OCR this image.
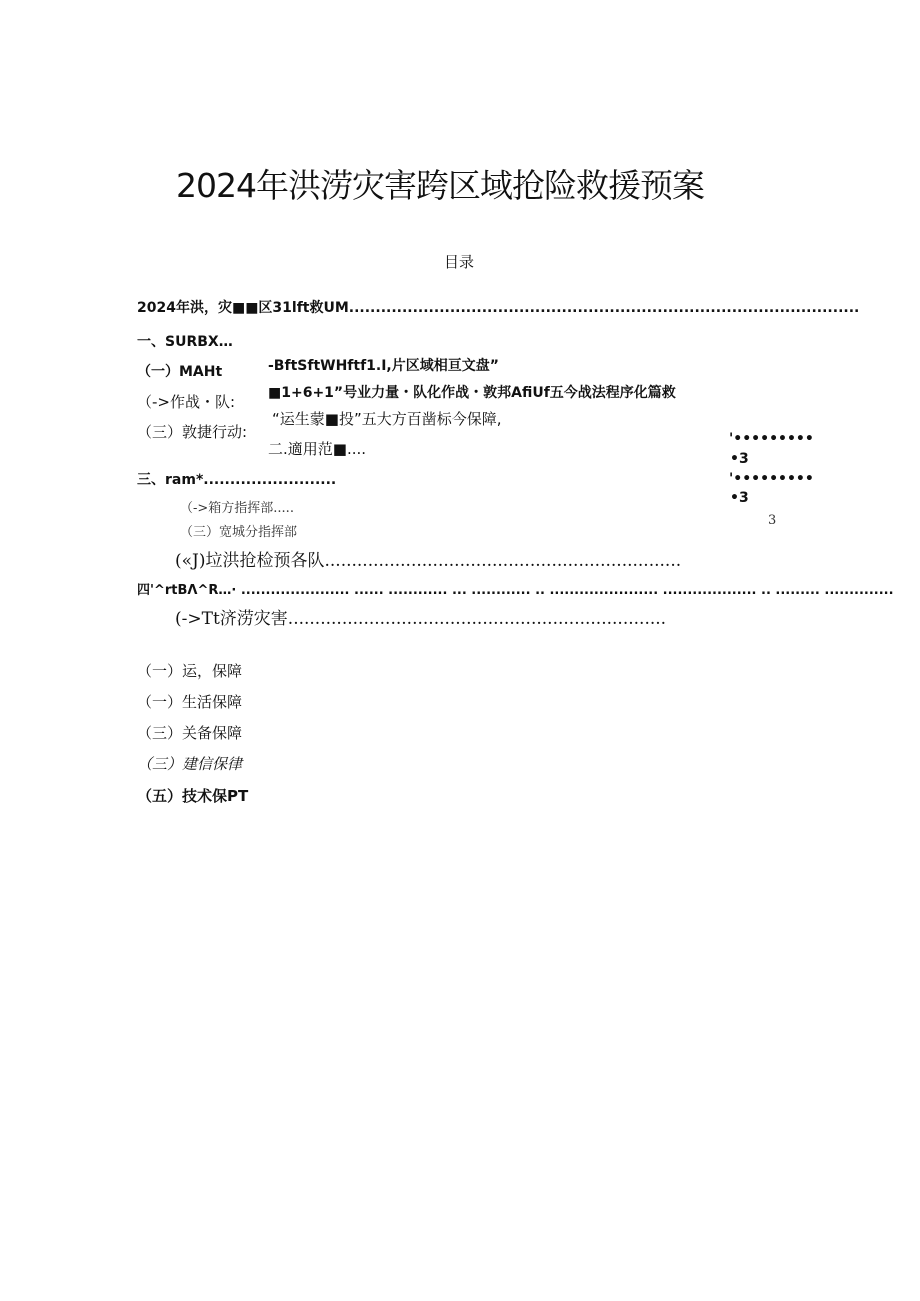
2024年洪涝灾害跨区域抢险救援预案
目录
2024年洪，灾■■区31lft救UM................................................................................................
一、SURBX…
（一）MAHt	-BftSftWHftf1.I,片区域相亘文盘”
（->作战・队: ■1+6+1”号业力量・队化作战・敦邦AfiUf五今战法程序化篇救
（三）敦捷行动:
“运生蒙■投”五大方百凿标今保障,
二.適用范■....
'•••••••••
•3
三、ram*.........................	'•••••••••
（->箱方指挥部.....
•3
（三）宽城分指挥部
3
(«J)垃洪抢检预各队..................................................................
四'^rtBΛ^R…· ...................... ...... ............ ... ............ .. ...................... ................... .. ......... ..............
(->Tt济涝灾害......................................................................
（一）运，保障
（一）生活保障
（三）关备保障
（三）建信保律
（五）技术保PT
